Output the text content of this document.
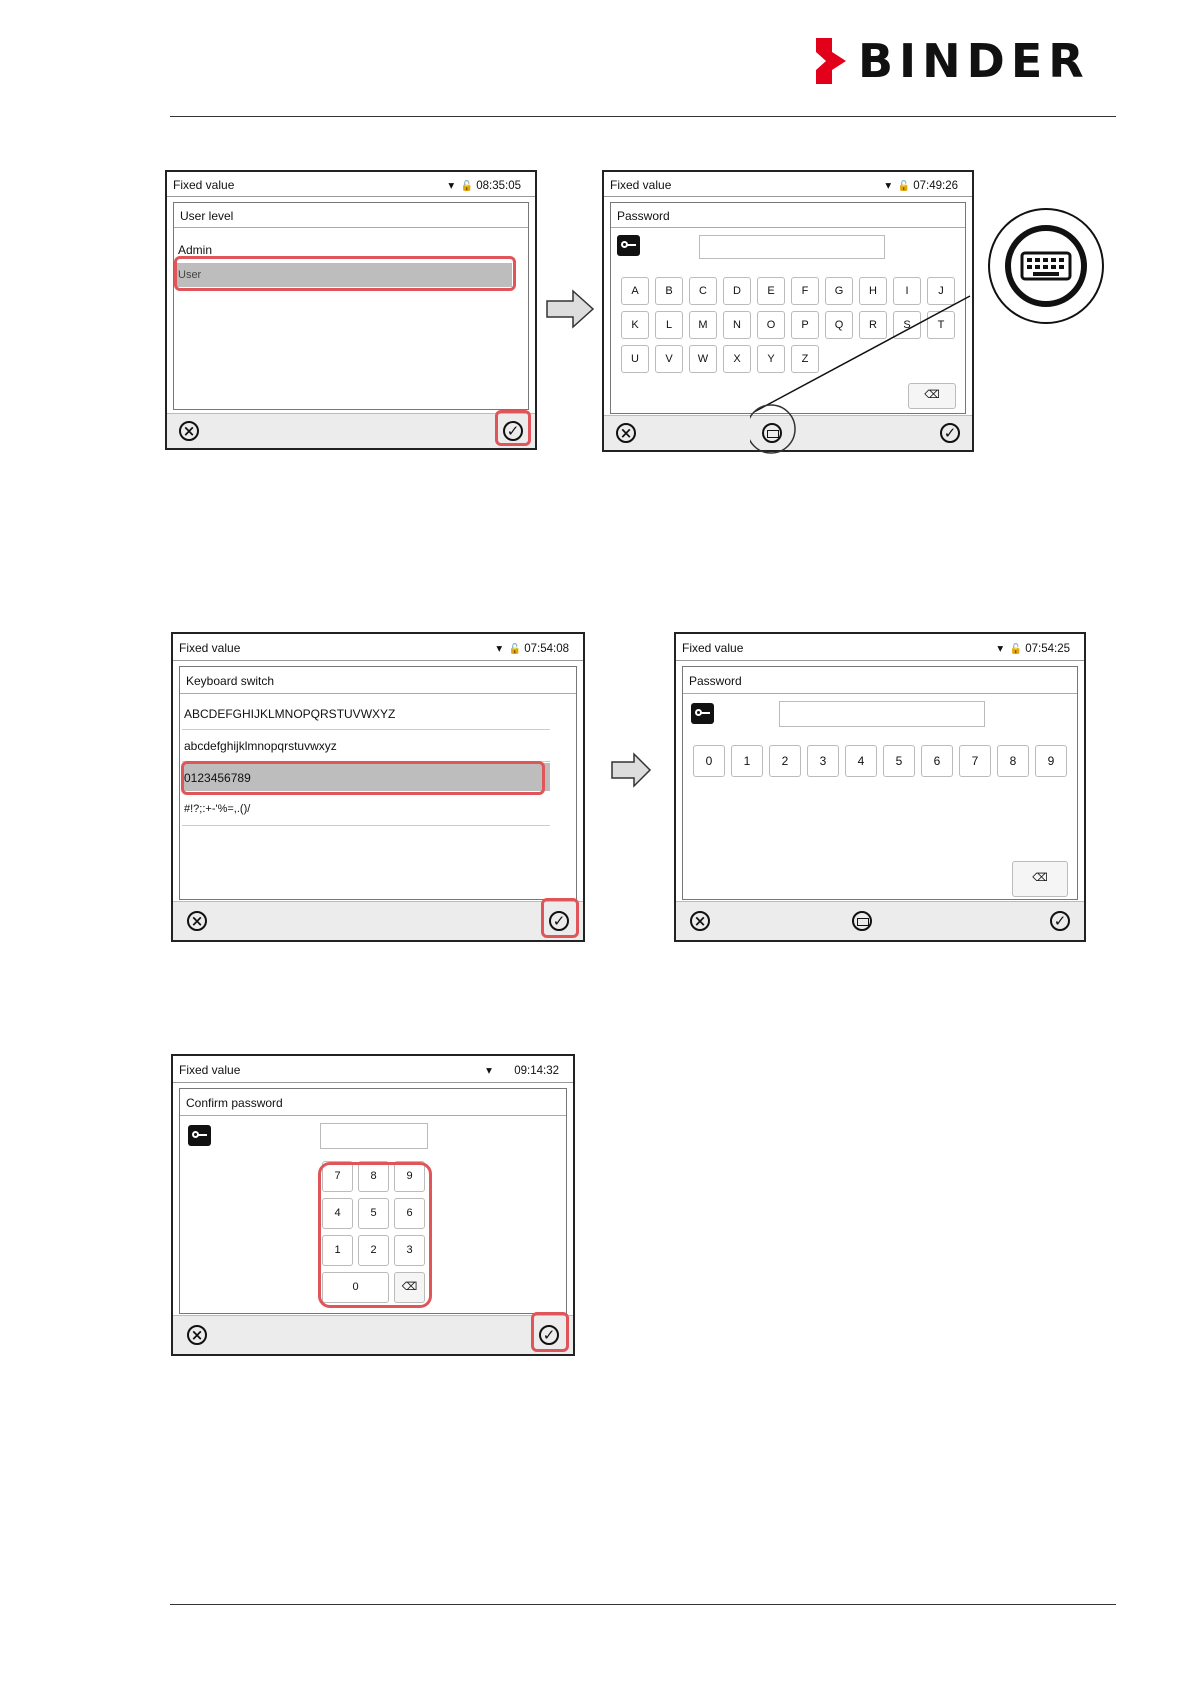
BINDER
Fixed value	▾ 🔓 08:35:05
User level
Admin
User
×	✓
Fixed value	▾ 🔓 07:49:26
Password
A	B	C	D	E	F	G	H	I	J
K	L	M	N	O	P	Q	R	S	T
U	V	W	X	Y	Z
⌫
×	✓
Fixed value	▾ 🔓 07:54:08
Keyboard switch
ABCDEFGHIJKLMNOPQRSTUVWXYZ
abcdefghijklmnopqrstuvwxyz
0123456789
#!?;:+-'%=,.()/
×	✓
Fixed value	▾ 🔓 07:54:25
Password
0	1	2	3	4	5	6	7	8	9
⌫
×	✓
Fixed value	▾ 09:14:32
Confirm password
7	8	9
4	5	6
1	2	3
0	⌫
×	✓
